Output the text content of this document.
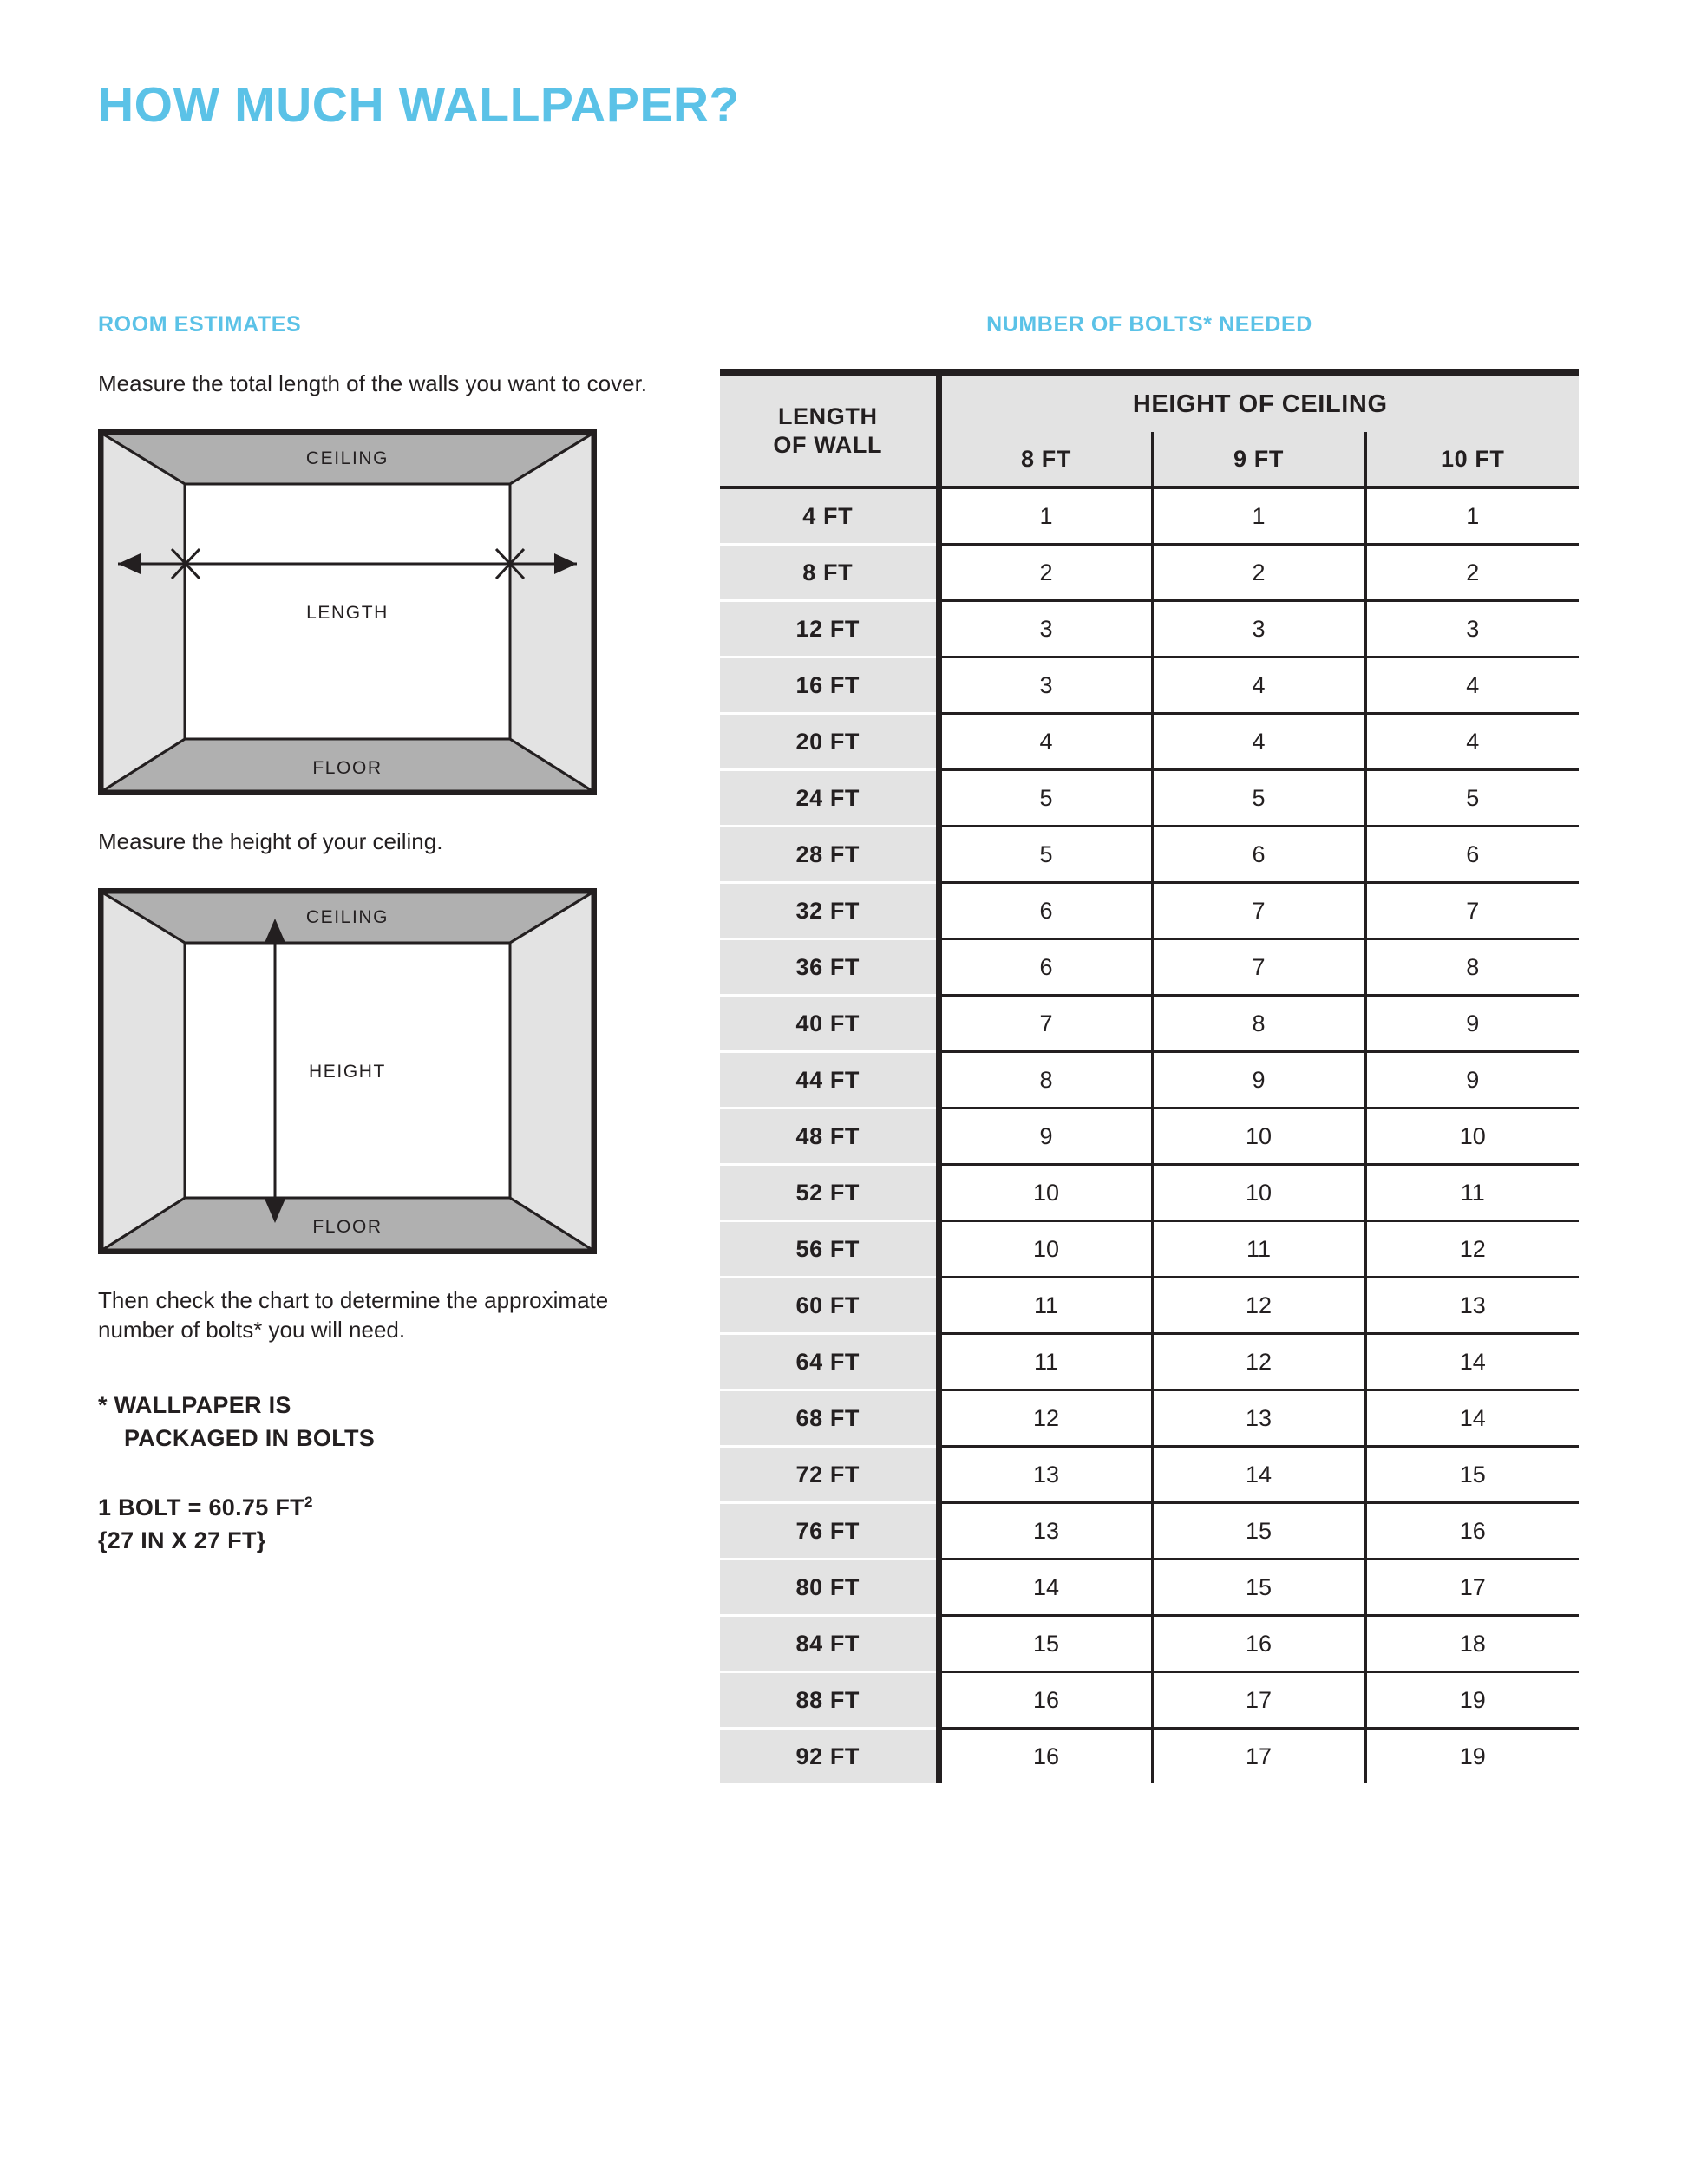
HOW MUCH WALLPAPER?
ROOM ESTIMATES
Measure the total length of the walls you want to cover.
CEILING
FLOOR
LENGTH
Measure the height of your ceiling.
CEILING
FLOOR
HEIGHT
Then check the chart to determine the approximate number of bolts* you will need.
* WALLPAPER IS
PACKAGED IN BOLTS
1 BOLT = 60.75 $FT^2$
{27 IN X 27 FT}
NUMBER OF BOLTS* NEEDED

LENGTH
OF WALL	HEIGHT OF CEILING		
	8 FT	9 FT	10 FT

4 FT	1	1	1
8 FT	2	2	2
12 FT	3	3	3
16 FT	3	4	4
20 FT	4	4	4
24 FT	5	5	5
28 FT	5	6	6
32 FT	6	7	7
36 FT	6	7	8
40 FT	7	8	9
44 FT	8	9	9
48 FT	9	10	10
52 FT	10	10	11
56 FT	10	11	12
60 FT	11	12	13
64 FT	11	12	14
68 FT	12	13	14
72 FT	13	14	15
76 FT	13	15	16
80 FT	14	15	17
84 FT	15	16	18
88 FT	16	17	19
92 FT	16	17	19
